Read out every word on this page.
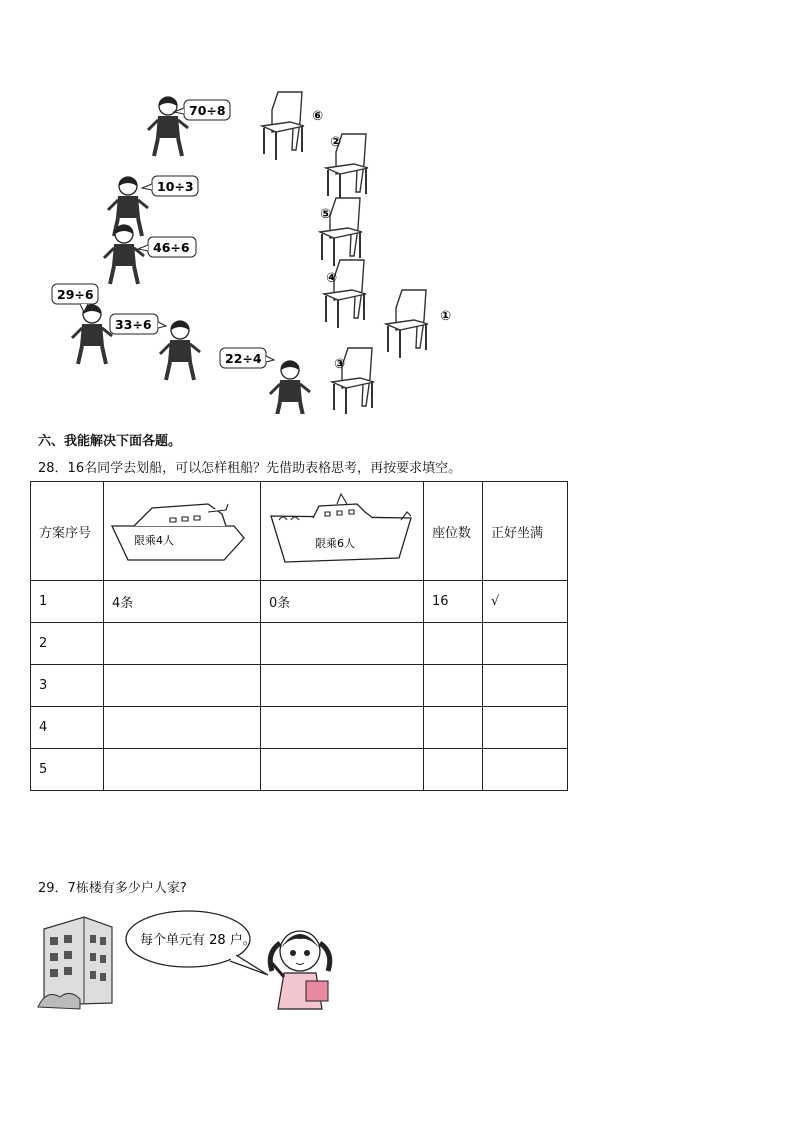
⑥
②
⑤
④
①
③
70÷8
10÷3
46÷6
29÷6
33÷6
22÷4
六、我能解决下面各题。
28．16名同学去划船，可以怎样租船？先借助表格思考，再按要求填空。
方案序号	限乘4人	限乘6人	座位数	正好坐满
1	4条	0条	16	√
2				
3				
4				
5				
29．7栋楼有多少户人家?
每个单元有 28 户。
